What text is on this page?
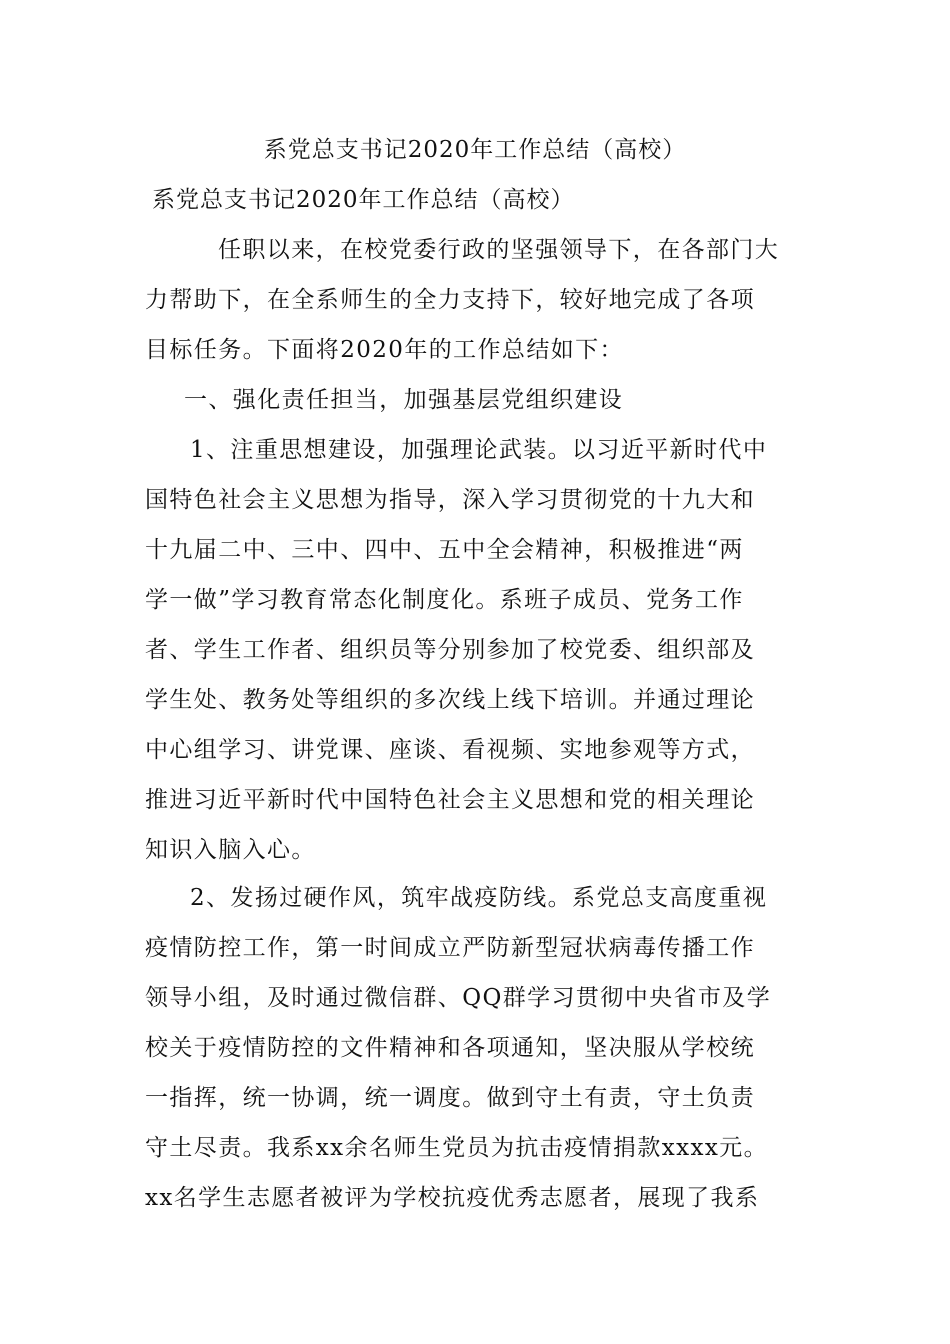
系党总支书记2020年工作总结（高校）
系党总支书记2020年工作总结（高校）
任职以来，在校党委行政的坚强领导下，在各部门大
力帮助下，在全系师生的全力支持下，较好地完成了各项
目标任务。下面将2020年的工作总结如下：
一、强化责任担当，加强基层党组织建设
1、注重思想建设，加强理论武装。以习近平新时代中
国特色社会主义思想为指导，深入学习贯彻党的十九大和
十九届二中、三中、四中、五中全会精神，积极推进“两
学一做”学习教育常态化制度化。系班子成员、党务工作
者、学生工作者、组织员等分别参加了校党委、组织部及
学生处、教务处等组织的多次线上线下培训。并通过理论
中心组学习、讲党课、座谈、看视频、实地参观等方式，
推进习近平新时代中国特色社会主义思想和党的相关理论
知识入脑入心。
2、发扬过硬作风，筑牢战疫防线。系党总支高度重视
疫情防控工作，第一时间成立严防新型冠状病毒传播工作
领导小组，及时通过微信群、QQ群学习贯彻中央省市及学
校关于疫情防控的文件精神和各项通知，坚决服从学校统
一指挥，统一协调，统一调度。做到守土有责，守土负责
守土尽责。我系xx余名师生党员为抗击疫情捐款xxxx元。
xx名学生志愿者被评为学校抗疫优秀志愿者，展现了我系
